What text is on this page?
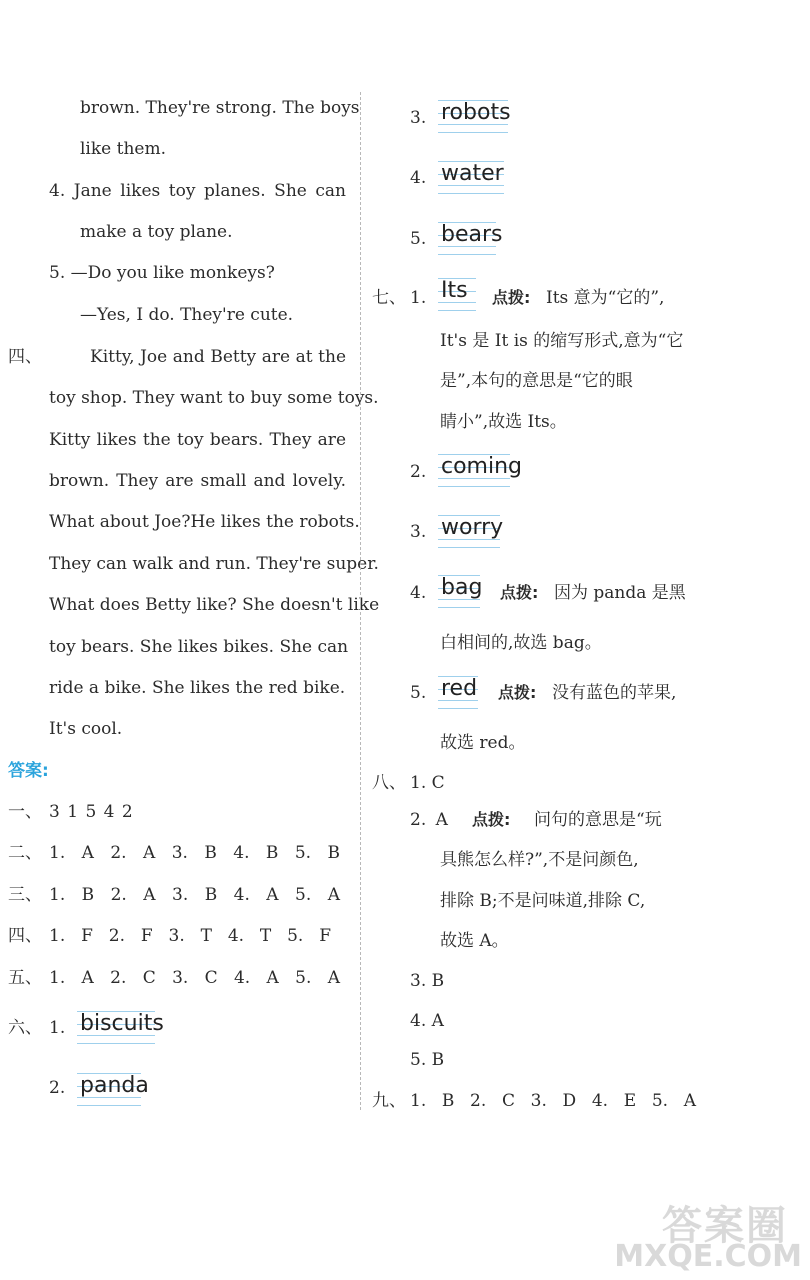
brown. They're strong. The boys
like them.
4. Jane likes toy planes. She can
make a toy plane.
5. —Do you like monkeys?
—Yes, I do. They're cute.
四、	Kitty, Joe and Betty are at the
toy shop. They want to buy some toys.
Kitty likes the toy bears. They are
brown. They are small and lovely.
What about Joe?He likes the robots.
They can walk and run. They're super.
What does Betty like? She doesn't like
toy bears. She likes bikes. She can
ride a bike. She likes the red bike.
It's cool.
答案:
一、 3 1 5 4 2
二、 1. A 2. A 3. B 4. B 5. B
三、 1. B 2. A 3. B 4. A 5. A
四、 1. F 2. F 3. T 4. T 5. F
五、 1. A 2. C 3. C 4. A 5. A
六、 1. biscuits
2. panda
3. robots
4. water
5. bears
七、 1. Its	点拨: Its 意为“它的”,
It's 是 It is 的缩写形式,意为“它
是”,本句的意思是“它的眼
睛小”,故选 Its。
2. coming
3. worry
4. bag 点拨: 因为 panda 是黑
白相间的,故选 bag。
5. red 点拨: 没有蓝色的苹果,
故选 red。
八、 1. C
2. A 点拨: 问句的意思是“玩
具熊怎么样?”,不是问颜色,
排除 B;不是问味道,排除 C,
故选 A。
3. B
4. A
5. B
九、 1. B 2. C 3. D 4. E 5. A
答案圈
MXQE.COM
